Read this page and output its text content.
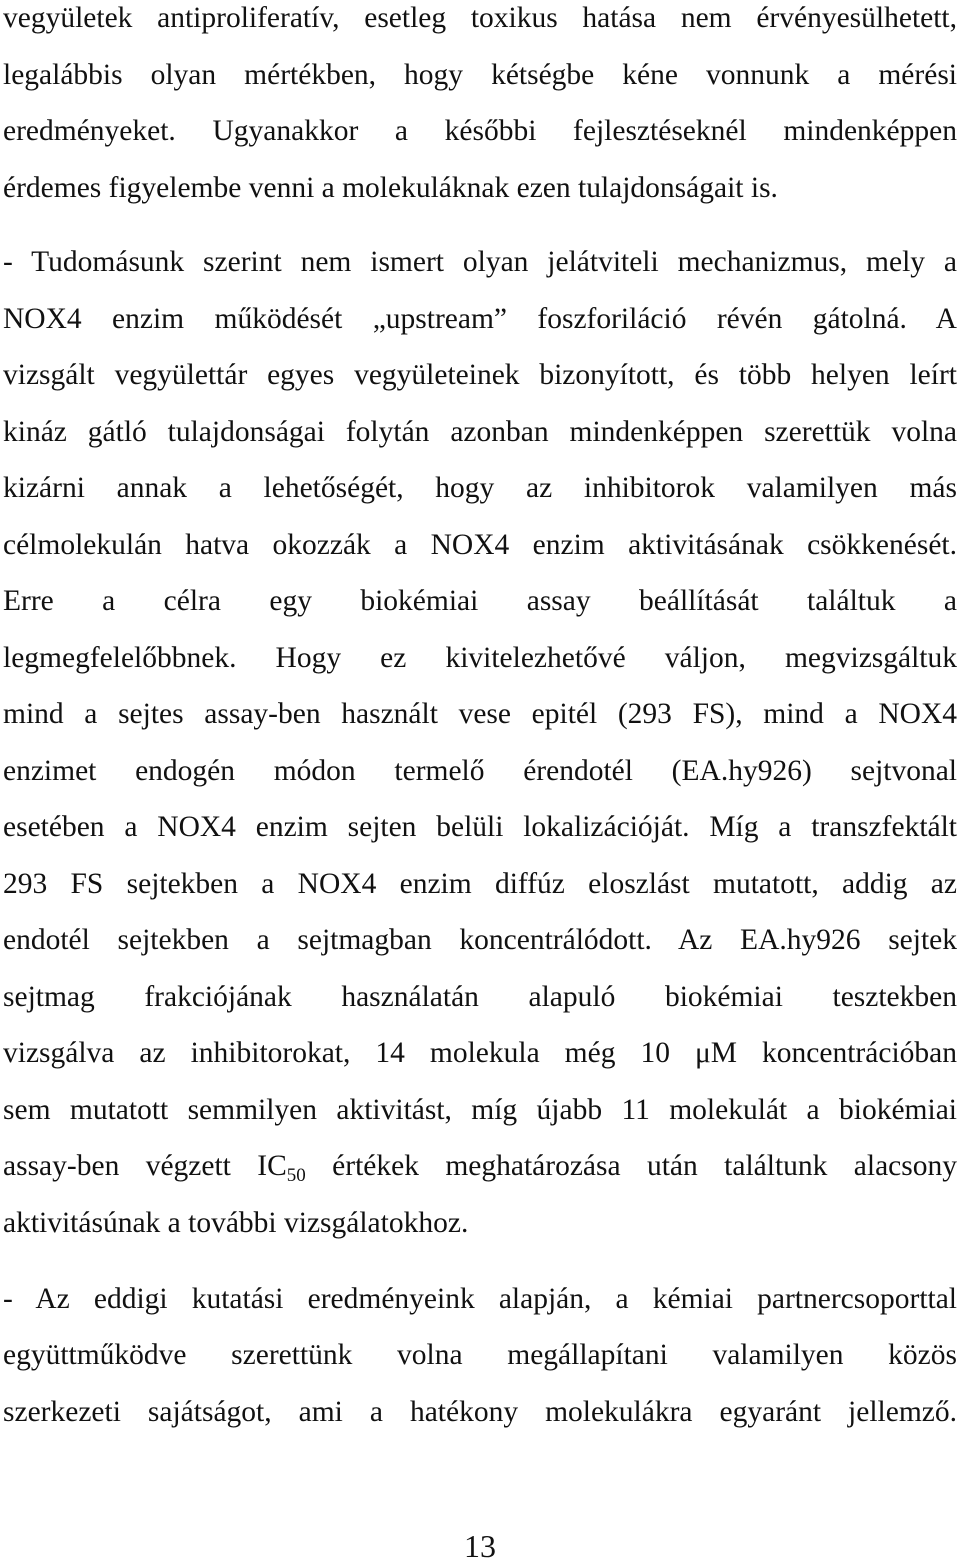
vegyületek antiproliferatív, esetleg toxikus hatása nem érvényesülhetett,
legalábbis olyan mértékben, hogy kétségbe kéne vonnunk a mérési
eredményeket. Ugyanakkor a későbbi fejlesztéseknél mindenképpen
érdemes figyelembe venni a molekuláknak ezen tulajdonságait is.
- Tudomásunk szerint nem ismert olyan jelátviteli mechanizmus, mely a
NOX4 enzim működését „upstream” foszforiláció révén gátolná. A
vizsgált vegyülettár egyes vegyületeinek bizonyított, és több helyen leírt
kináz gátló tulajdonságai folytán azonban mindenképpen szerettük volna
kizárni annak a lehetőségét, hogy az inhibitorok valamilyen más
célmolekulán hatva okozzák a NOX4 enzim aktivitásának csökkenését.
Erre a célra egy biokémiai assay beállítását találtuk a
legmegfelelőbbnek. Hogy ez kivitelezhetővé váljon, megvizsgáltuk
mind a sejtes assay-ben használt vese epitél (293 FS), mind a NOX4
enzimet endogén módon termelő érendotél (EA.hy926) sejtvonal
esetében a NOX4 enzim sejten belüli lokalizációját. Míg a transzfektált
293 FS sejtekben a NOX4 enzim diffúz eloszlást mutatott, addig az
endotél sejtekben a sejtmagban koncentrálódott. Az EA.hy926 sejtek
sejtmag frakciójának használatán alapuló biokémiai tesztekben
vizsgálva az inhibitorokat, 14 molekula még 10 μM koncentrációban
sem mutatott semmilyen aktivitást, míg újabb 11 molekulát a biokémiai
assay-ben végzett $IC_{50}$ értékek meghatározása után találtunk alacsony
aktivitásúnak a további vizsgálatokhoz.
- Az eddigi kutatási eredményeink alapján, a kémiai partnercsoporttal
együttműködve szerettünk volna megállapítani valamilyen közös
szerkezeti sajátságot, ami a hatékony molekulákra egyaránt jellemző.
13
